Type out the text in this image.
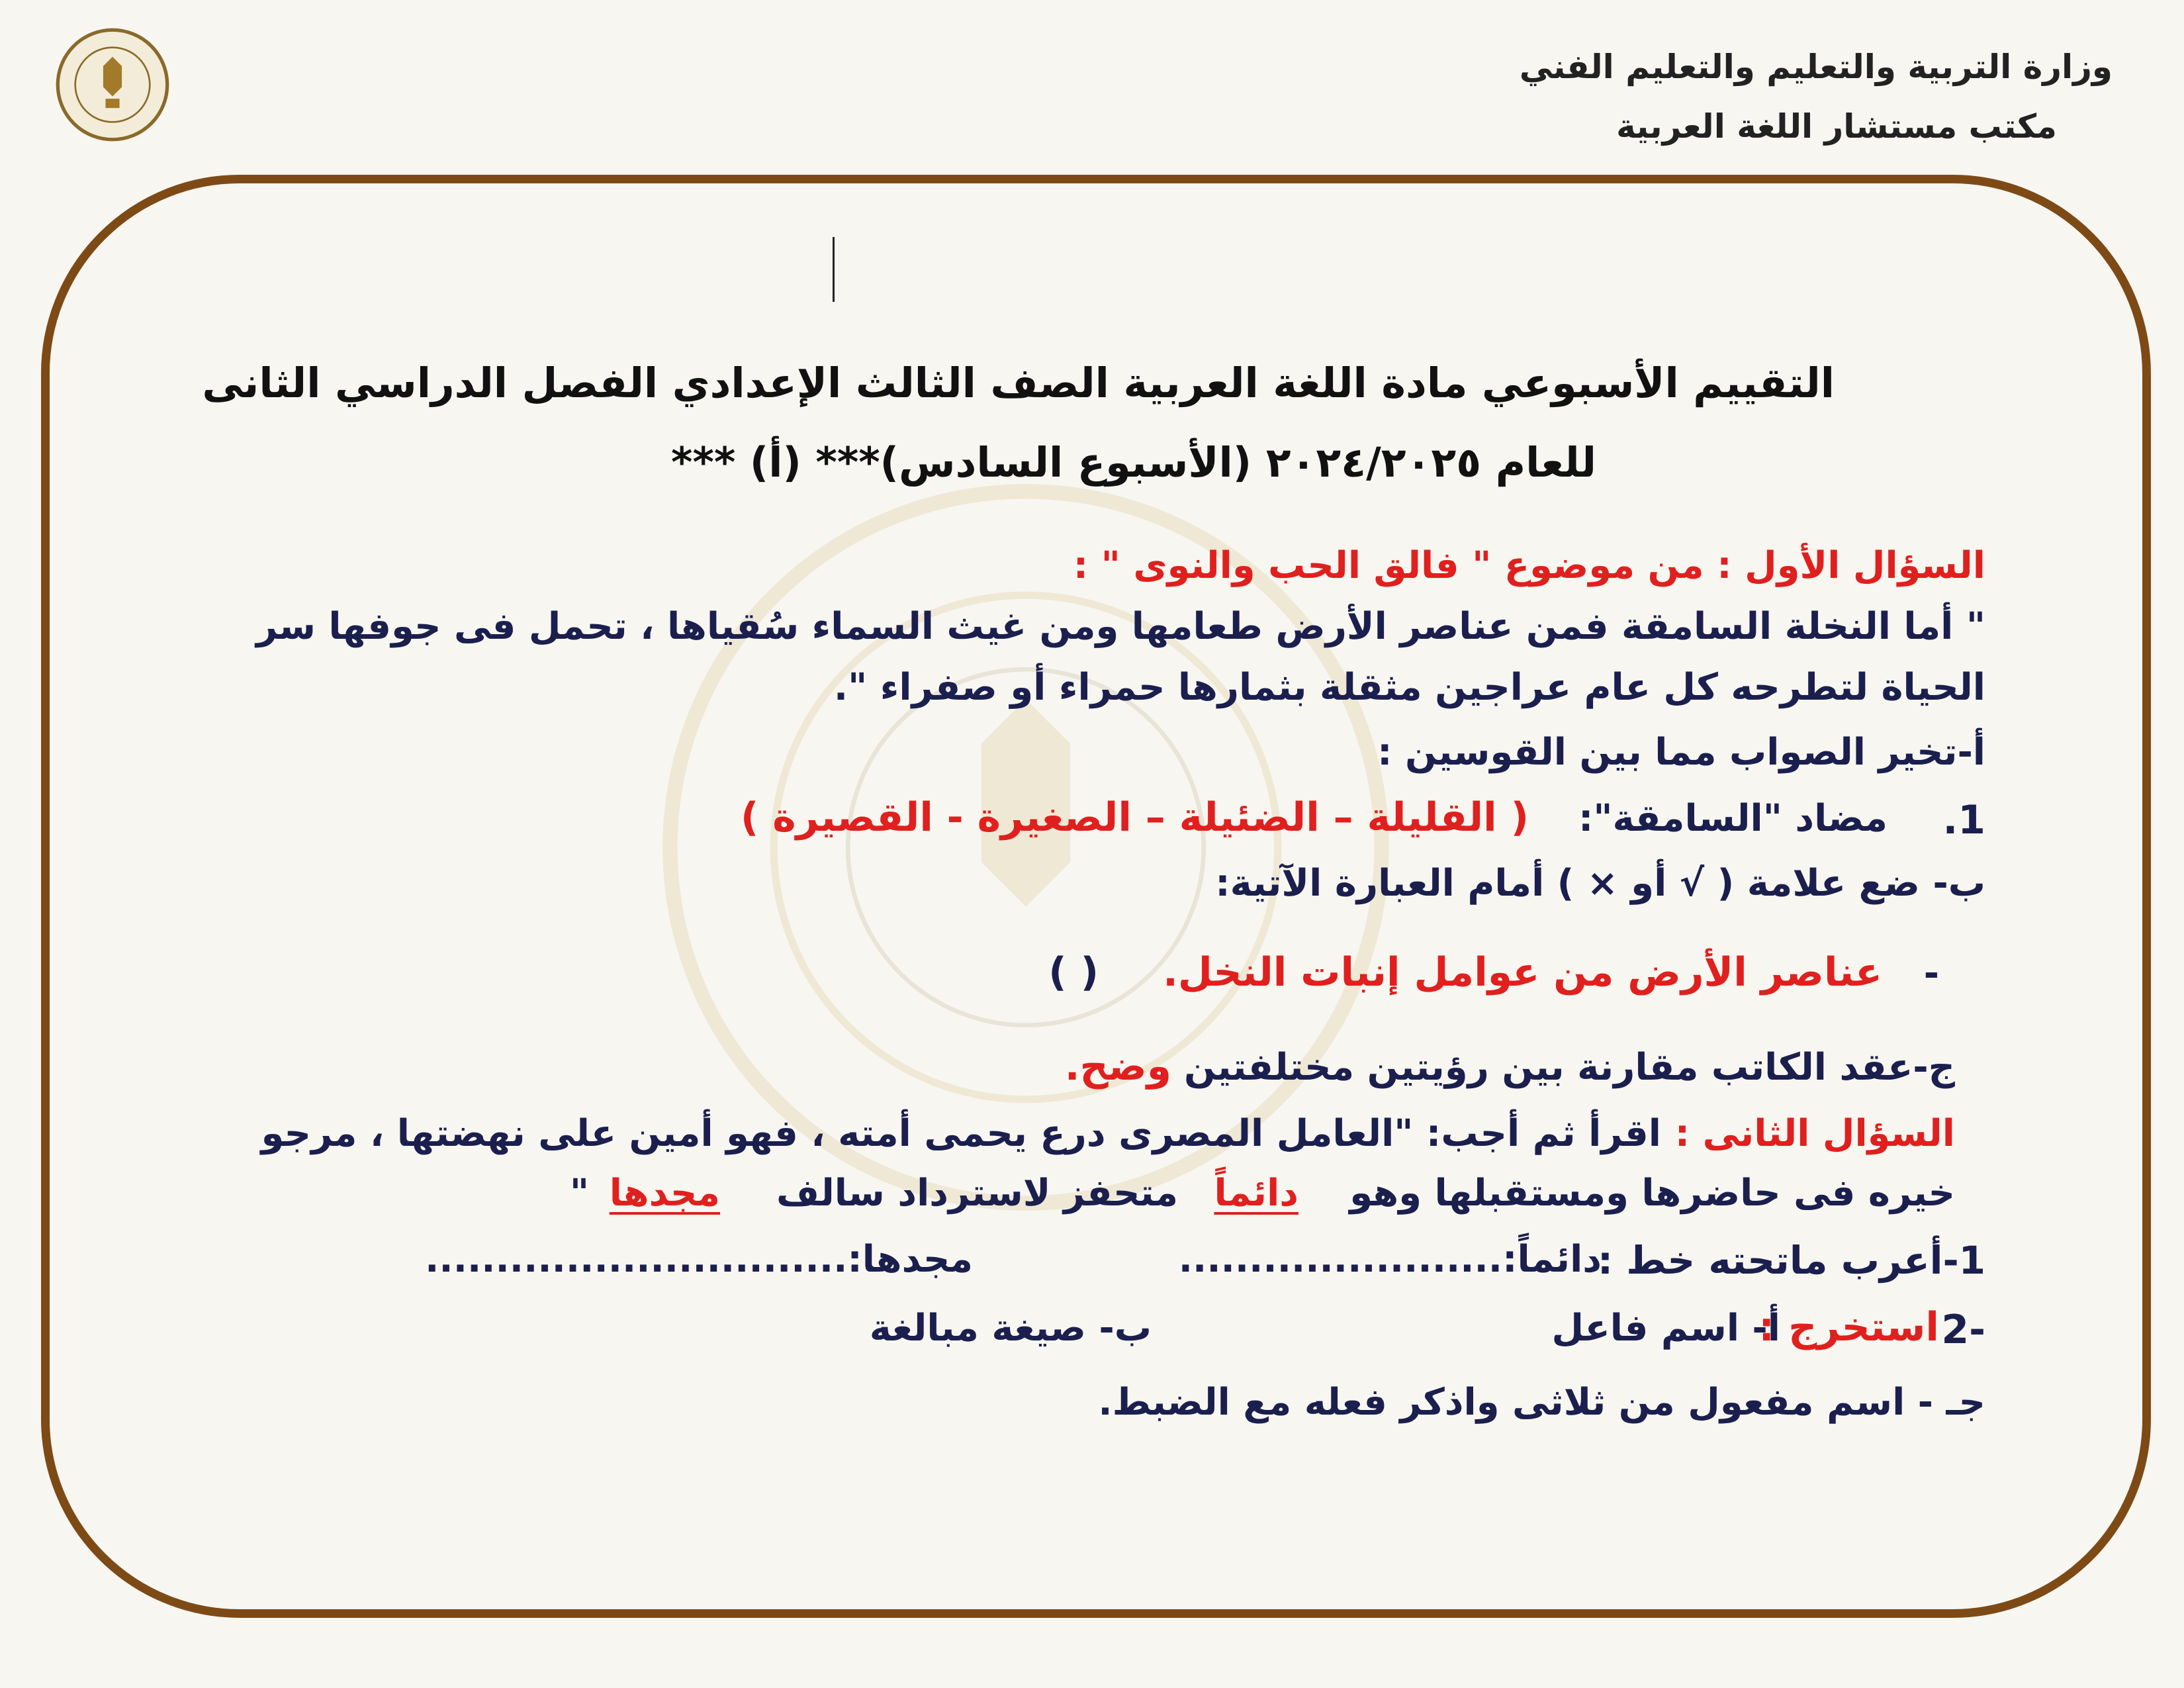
وزارة التربية والتعليم والتعليم الفني
مكتب مستشار اللغة العربية
التقييم الأسبوعي مادة اللغة العربية الصف الثالث الإعدادي الفصل الدراسي الثانى
للعام ٢٠٢٤/٢٠٢٥ (الأسبوع السادس)*** (أ) ***
السؤال الأول : من موضوع " فالق الحب والنوى " :
" أما النخلة السامقة فمن عناصر الأرض طعامها ومن غيث السماء سُقياها ، تحمل فى جوفها سر
الحياة لتطرحه كل عام عراجين مثقلة بثمارها حمراء أو صفراء ".
أ-تخير الصواب مما بين القوسين :
.1
مضاد "السامقة":
( القليلة – الضئيلة – الصغيرة - القصيرة )
ب- ضع علامة ( √ أو × ) أمام العبارة الآتية:
-
عناصر الأرض من عوامل إنبات النخل.
( )
ج-عقد الكاتب مقارنة بين رؤيتين مختلفتين .
وضح.
السؤال الثانى :
اقرأ ثم أجب: "العامل المصرى درع يحمى أمته ، فهو أمين على نهضتها ، مرجو
خيره فى حاضرها ومستقبلها وهو
دائماً
متحفز لاسترداد سالف
مجدها
"
1-أعرب ماتحته خط :
دائماً:.......................
مجدها:..............................
2-
استخرج :
أ- اسم فاعل
ب- صيغة مبالغة
جـ - اسم مفعول من ثلاثى واذكر فعله مع الضبط.
